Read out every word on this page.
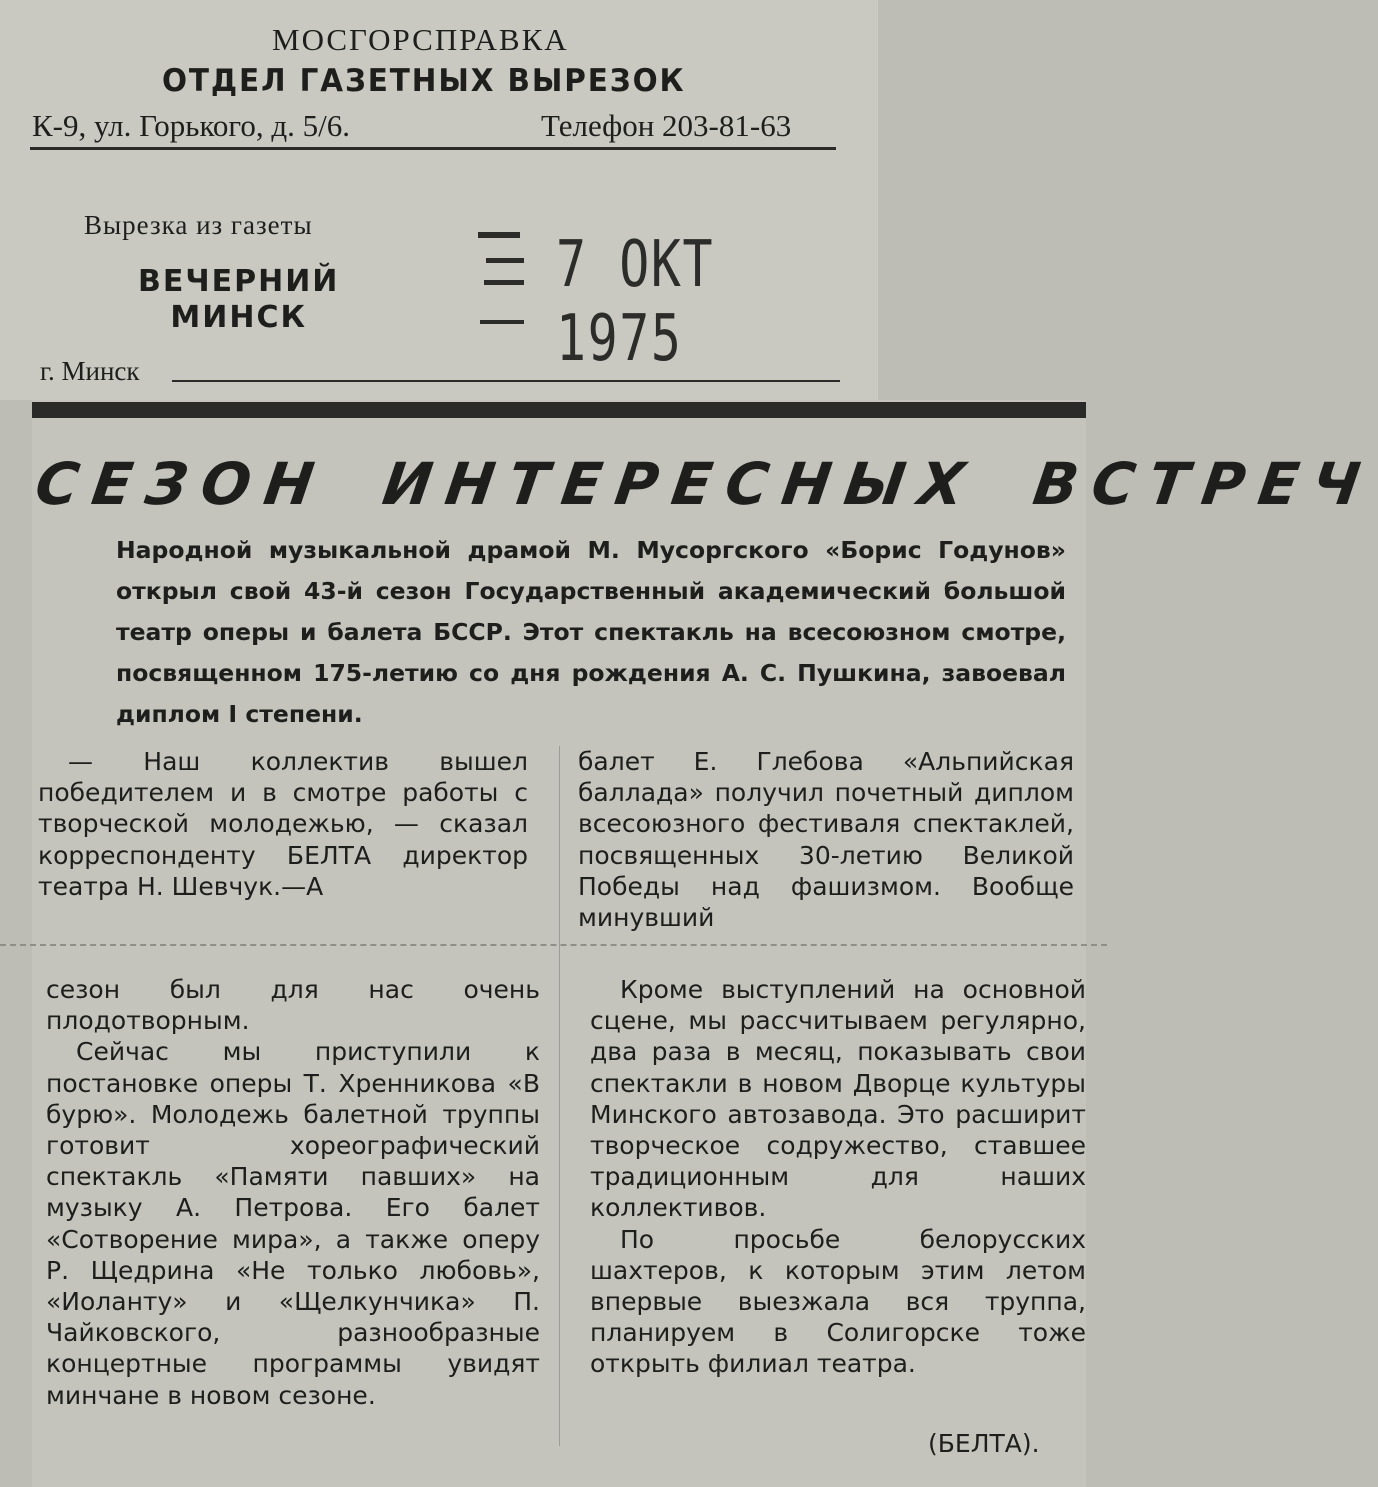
МОСГОРСПРАВКА
ОТДЕЛ ГАЗЕТНЫХ ВЫРЕЗОК
К-9, ул. Горького, д. 5/6.	Телефон 203-81-63
Вырезка из газеты
ВЕЧЕРНИЙ
МИНСК
г. Минск
7 ОКТ 1975
СЕЗОН ИНТЕРЕСНЫХ ВСТРЕЧ
Народной музыкальной драмой М. Мусоргского «Борис Годунов» открыл свой 43-й сезон Государственный академический большой театр оперы и балета БССР. Этот спектакль на всесоюзном смотре, посвященном 175-летию со дня рождения А. С. Пушкина, завоевал диплом I степени.

— Наш коллектив вышел победителем и в смотре работы с творческой молодежью, — сказал корреспонденту БЕЛТА директор театра Н. Шевчук.—А

балет Е. Глебова «Альпийская баллада» получил почетный диплом всесоюзного фестиваля спектаклей, посвященных 30-летию Великой Победы над фашизмом. Вообще минувший

сезон был для нас очень плодотворным.

Сейчас мы приступили к постановке оперы Т. Хренникова «В бурю». Молодежь балетной труппы готовит хореографический спектакль «Памяти павших» на музыку А. Петрова. Его балет «Сотворение мира», а также оперу Р. Щедрина «Не только любовь», «Иоланту» и «Щелкунчика» П. Чайковского, разнообразные концертные программы увидят минчане в новом сезоне.

Кроме выступлений на основной сцене, мы рассчитываем регулярно, два раза в месяц, показывать свои спектакли в новом Дворце культуры Минского автозавода. Это расширит творческое содружество, ставшее традиционным для наших коллективов.

По просьбе белорусских шахтеров, к которым этим летом впервые выезжала вся труппа, планируем в Солигорске тоже открыть филиал театра.

(БЕЛТА).
